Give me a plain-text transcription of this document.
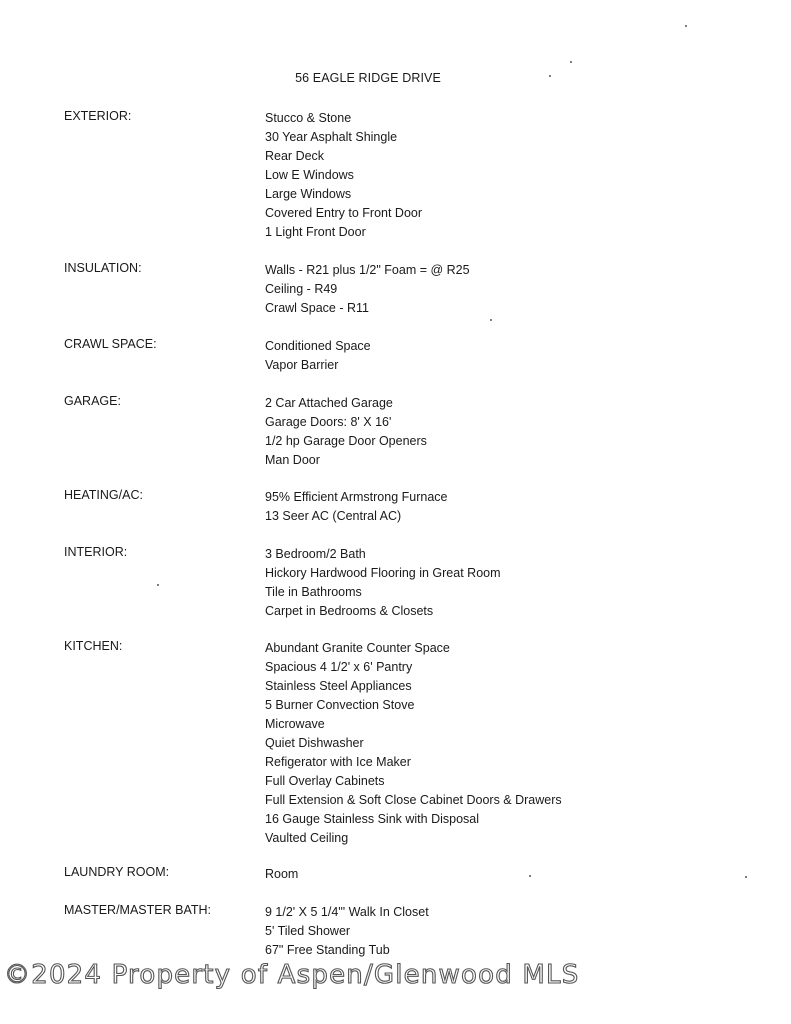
56 EAGLE RIDGE DRIVE
EXTERIOR:	Stucco & Stone
30 Year Asphalt Shingle
Rear Deck
Low E Windows
Large Windows
Covered Entry to Front Door
1 Light Front Door
INSULATION:	Walls - R21 plus 1/2" Foam = @ R25
Ceiling - R49
Crawl Space - R11
CRAWL SPACE:	Conditioned Space
Vapor Barrier
GARAGE:	2 Car Attached Garage
Garage Doors: 8' X 16'
1/2 hp Garage Door Openers
Man Door
HEATING/AC:	95% Efficient Armstrong Furnace
13 Seer AC (Central AC)
INTERIOR:	3 Bedroom/2 Bath
Hickory Hardwood Flooring in Great Room
Tile in Bathrooms
Carpet in Bedrooms & Closets
KITCHEN:	Abundant Granite Counter Space
Spacious 4 1/2' x 6' Pantry
Stainless Steel Appliances
5 Burner Convection Stove
Microwave
Quiet Dishwasher
Refigerator with Ice Maker
Full Overlay Cabinets
Full Extension & Soft Close Cabinet Doors & Drawers
16 Gauge Stainless Sink with Disposal
Vaulted Ceiling
LAUNDRY ROOM:	Room
MASTER/MASTER BATH:	9 1/2' X 5 1/4'" Walk In Closet
5' Tiled Shower
67" Free Standing Tub
©2024 Property of Aspen/Glenwood MLS
